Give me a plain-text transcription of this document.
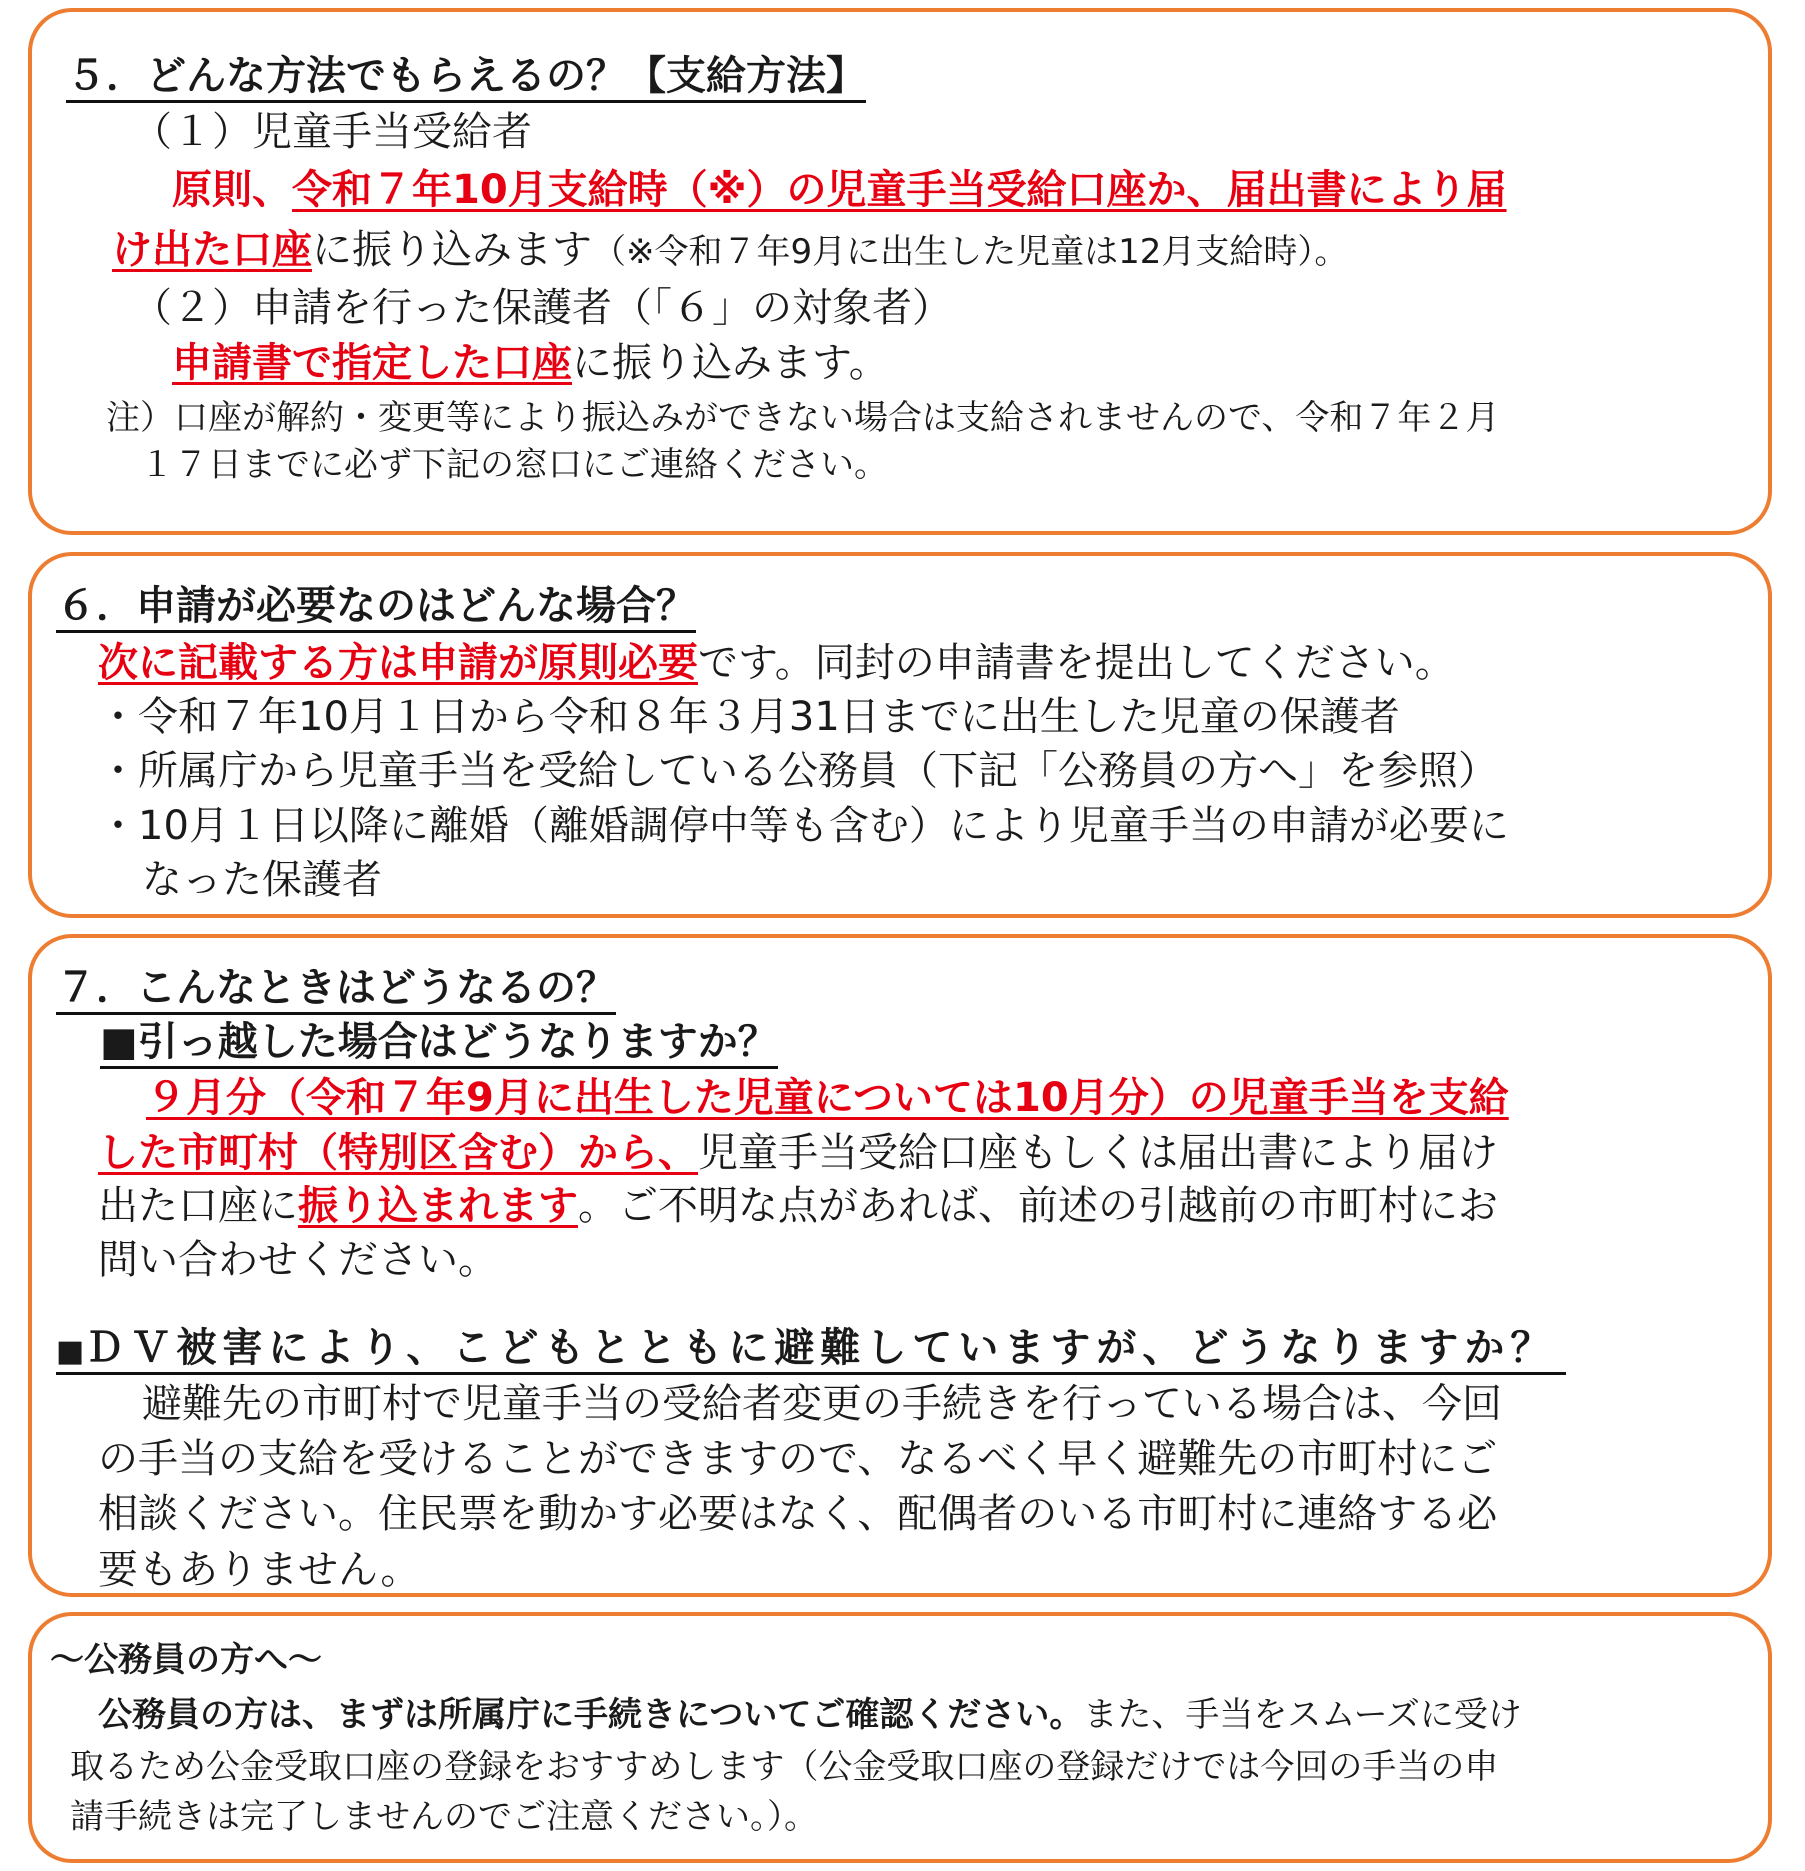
５．どんな方法でもらえるの？【支給方法】
（１）児童手当受給者
原則、令和７年10月支給時（※）の児童手当受給口座か、届出書により届
け出た口座に振り込みます（※令和７年9月に出生した児童は12月支給時）。
（２）申請を行った保護者（「６」の対象者）
申請書で指定した口座に振り込みます。
注）口座が解約・変更等により振込みができない場合は支給されませんので、令和７年２月
１７日までに必ず下記の窓口にご連絡ください。
６．申請が必要なのはどんな場合？
次に記載する方は申請が原則必要です。同封の申請書を提出してください。
・令和７年10月１日から令和８年３月31日までに出生した児童の保護者
・所属庁から児童手当を受給している公務員（下記「公務員の方へ」を参照）
・10月１日以降に離婚（離婚調停中等も含む）により児童手当の申請が必要に
なった保護者
７．こんなときはどうなるの？
■引っ越した場合はどうなりますか？
９月分（令和７年9月に出生した児童については10月分）の児童手当を支給
した市町村（特別区含む）から、児童手当受給口座もしくは届出書により届け
出た口座に振り込まれます。ご不明な点があれば、前述の引越前の市町村にお
問い合わせください。
■ＤＶ被害により、こどもとともに避難していますが、どうなりますか？
避難先の市町村で児童手当の受給者変更の手続きを行っている場合は、今回
の手当の支給を受けることができますので、なるべく早く避難先の市町村にご
相談ください。住民票を動かす必要はなく、配偶者のいる市町村に連絡する必
要もありません。
～公務員の方へ～
公務員の方は、まずは所属庁に手続きについてご確認ください。また、手当をスムーズに受け
取るため公金受取口座の登録をおすすめします（公金受取口座の登録だけでは今回の手当の申
請手続きは完了しませんのでご注意ください。）。
